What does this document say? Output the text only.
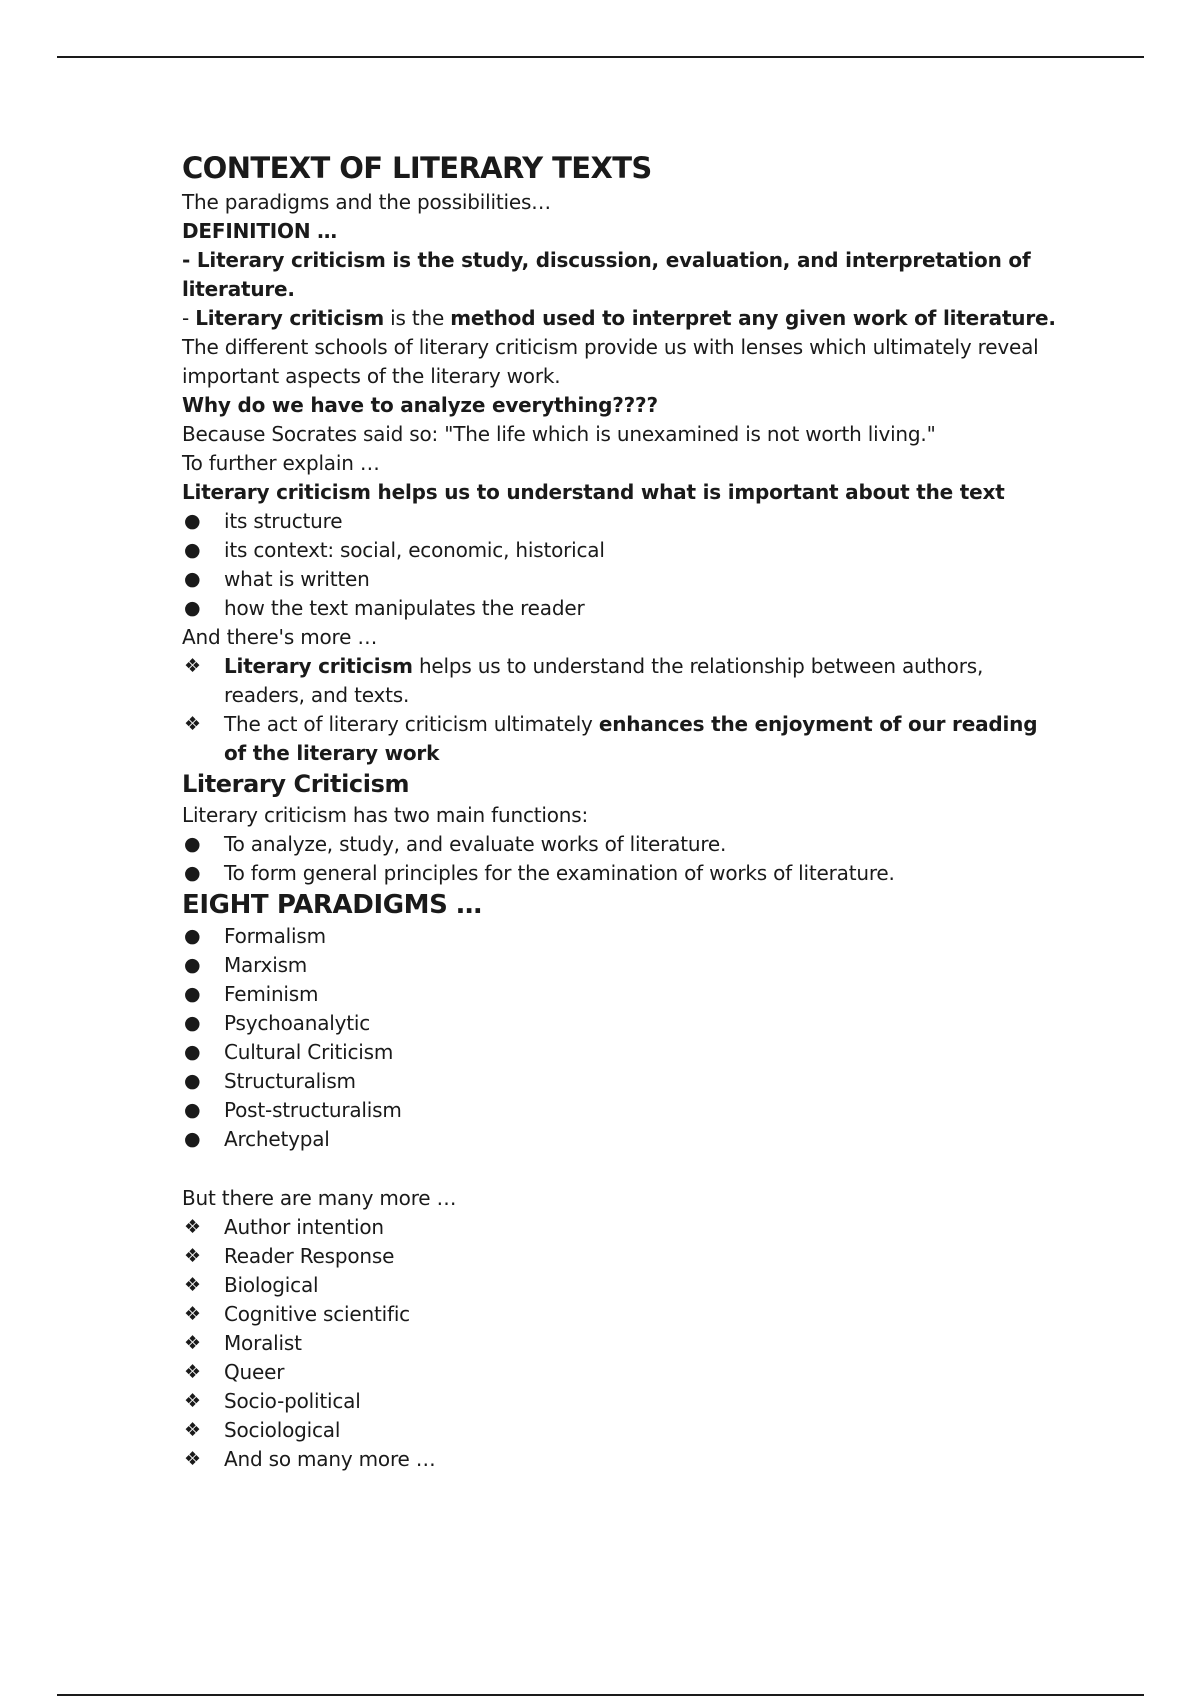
CONTEXT OF LITERARY TEXTS

The paradigms and the possibilities…

DEFINITION …

- Literary criticism is the study, discussion, evaluation, and interpretation of literature.

- Literary criticism is the method used to interpret any given work of literature.

The different schools of literary criticism provide us with lenses which ultimately reveal important aspects of the literary work.

Why do we have to analyze everything????

Because Socrates said so: "The life which is unexamined is not worth living."

To further explain …

Literary criticism helps us to understand what is important about the text

●	its structure
●	its context: social, economic, historical
●	what is written
●	how the text manipulates the reader

And there's more …

❖	Literary criticism helps us to understand the relationship between authors, readers, and texts.
❖	The act of literary criticism ultimately enhances the enjoyment of our reading of the literary work
Literary Criticism

Literary criticism has two main functions:

●	To analyze, study, and evaluate works of literature.
●	To form general principles for the examination of works of literature.
EIGHT PARADIGMS …
●	Formalism
●	Marxism
●	Feminism
●	Psychoanalytic
●	Cultural Criticism
●	Structuralism
●	Post-structuralism
●	Archetypal

But there are many more …

❖	Author intention
❖	Reader Response
❖	Biological
❖	Cognitive scientific
❖	Moralist
❖	Queer
❖	Socio-political
❖	Sociological
❖	And so many more …
